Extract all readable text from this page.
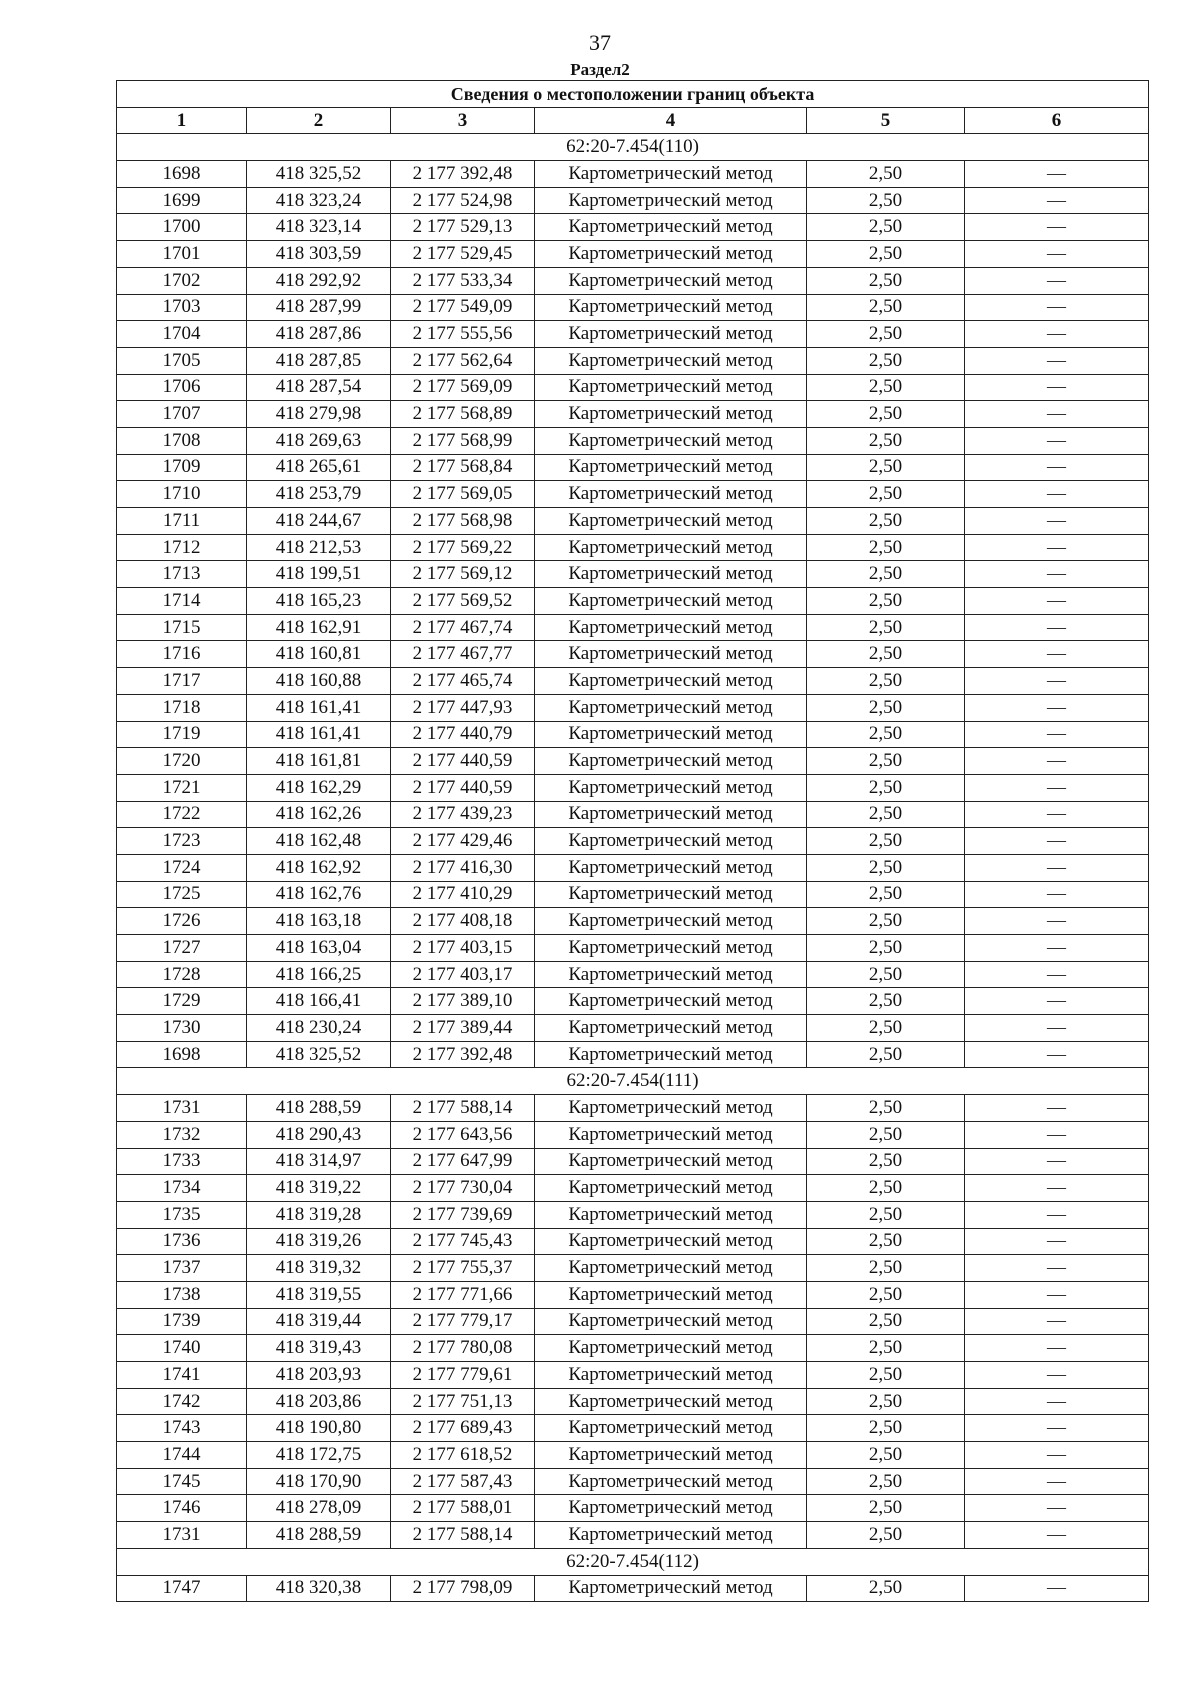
37
Раздел2
Сведения о местоположении границ объекта					
1	2	3	4	5	6
62:20-7.454(110)					
1698	418 325,52	2 177 392,48	Картометрический метод	2,50	—
1699	418 323,24	2 177 524,98	Картометрический метод	2,50	—
1700	418 323,14	2 177 529,13	Картометрический метод	2,50	—
1701	418 303,59	2 177 529,45	Картометрический метод	2,50	—
1702	418 292,92	2 177 533,34	Картометрический метод	2,50	—
1703	418 287,99	2 177 549,09	Картометрический метод	2,50	—
1704	418 287,86	2 177 555,56	Картометрический метод	2,50	—
1705	418 287,85	2 177 562,64	Картометрический метод	2,50	—
1706	418 287,54	2 177 569,09	Картометрический метод	2,50	—
1707	418 279,98	2 177 568,89	Картометрический метод	2,50	—
1708	418 269,63	2 177 568,99	Картометрический метод	2,50	—
1709	418 265,61	2 177 568,84	Картометрический метод	2,50	—
1710	418 253,79	2 177 569,05	Картометрический метод	2,50	—
1711	418 244,67	2 177 568,98	Картометрический метод	2,50	—
1712	418 212,53	2 177 569,22	Картометрический метод	2,50	—
1713	418 199,51	2 177 569,12	Картометрический метод	2,50	—
1714	418 165,23	2 177 569,52	Картометрический метод	2,50	—
1715	418 162,91	2 177 467,74	Картометрический метод	2,50	—
1716	418 160,81	2 177 467,77	Картометрический метод	2,50	—
1717	418 160,88	2 177 465,74	Картометрический метод	2,50	—
1718	418 161,41	2 177 447,93	Картометрический метод	2,50	—
1719	418 161,41	2 177 440,79	Картометрический метод	2,50	—
1720	418 161,81	2 177 440,59	Картометрический метод	2,50	—
1721	418 162,29	2 177 440,59	Картометрический метод	2,50	—
1722	418 162,26	2 177 439,23	Картометрический метод	2,50	—
1723	418 162,48	2 177 429,46	Картометрический метод	2,50	—
1724	418 162,92	2 177 416,30	Картометрический метод	2,50	—
1725	418 162,76	2 177 410,29	Картометрический метод	2,50	—
1726	418 163,18	2 177 408,18	Картометрический метод	2,50	—
1727	418 163,04	2 177 403,15	Картометрический метод	2,50	—
1728	418 166,25	2 177 403,17	Картометрический метод	2,50	—
1729	418 166,41	2 177 389,10	Картометрический метод	2,50	—
1730	418 230,24	2 177 389,44	Картометрический метод	2,50	—
1698	418 325,52	2 177 392,48	Картометрический метод	2,50	—
62:20-7.454(111)					
1731	418 288,59	2 177 588,14	Картометрический метод	2,50	—
1732	418 290,43	2 177 643,56	Картометрический метод	2,50	—
1733	418 314,97	2 177 647,99	Картометрический метод	2,50	—
1734	418 319,22	2 177 730,04	Картометрический метод	2,50	—
1735	418 319,28	2 177 739,69	Картометрический метод	2,50	—
1736	418 319,26	2 177 745,43	Картометрический метод	2,50	—
1737	418 319,32	2 177 755,37	Картометрический метод	2,50	—
1738	418 319,55	2 177 771,66	Картометрический метод	2,50	—
1739	418 319,44	2 177 779,17	Картометрический метод	2,50	—
1740	418 319,43	2 177 780,08	Картометрический метод	2,50	—
1741	418 203,93	2 177 779,61	Картометрический метод	2,50	—
1742	418 203,86	2 177 751,13	Картометрический метод	2,50	—
1743	418 190,80	2 177 689,43	Картометрический метод	2,50	—
1744	418 172,75	2 177 618,52	Картометрический метод	2,50	—
1745	418 170,90	2 177 587,43	Картометрический метод	2,50	—
1746	418 278,09	2 177 588,01	Картометрический метод	2,50	—
1731	418 288,59	2 177 588,14	Картометрический метод	2,50	—
62:20-7.454(112)					
1747	418 320,38	2 177 798,09	Картометрический метод	2,50	—
